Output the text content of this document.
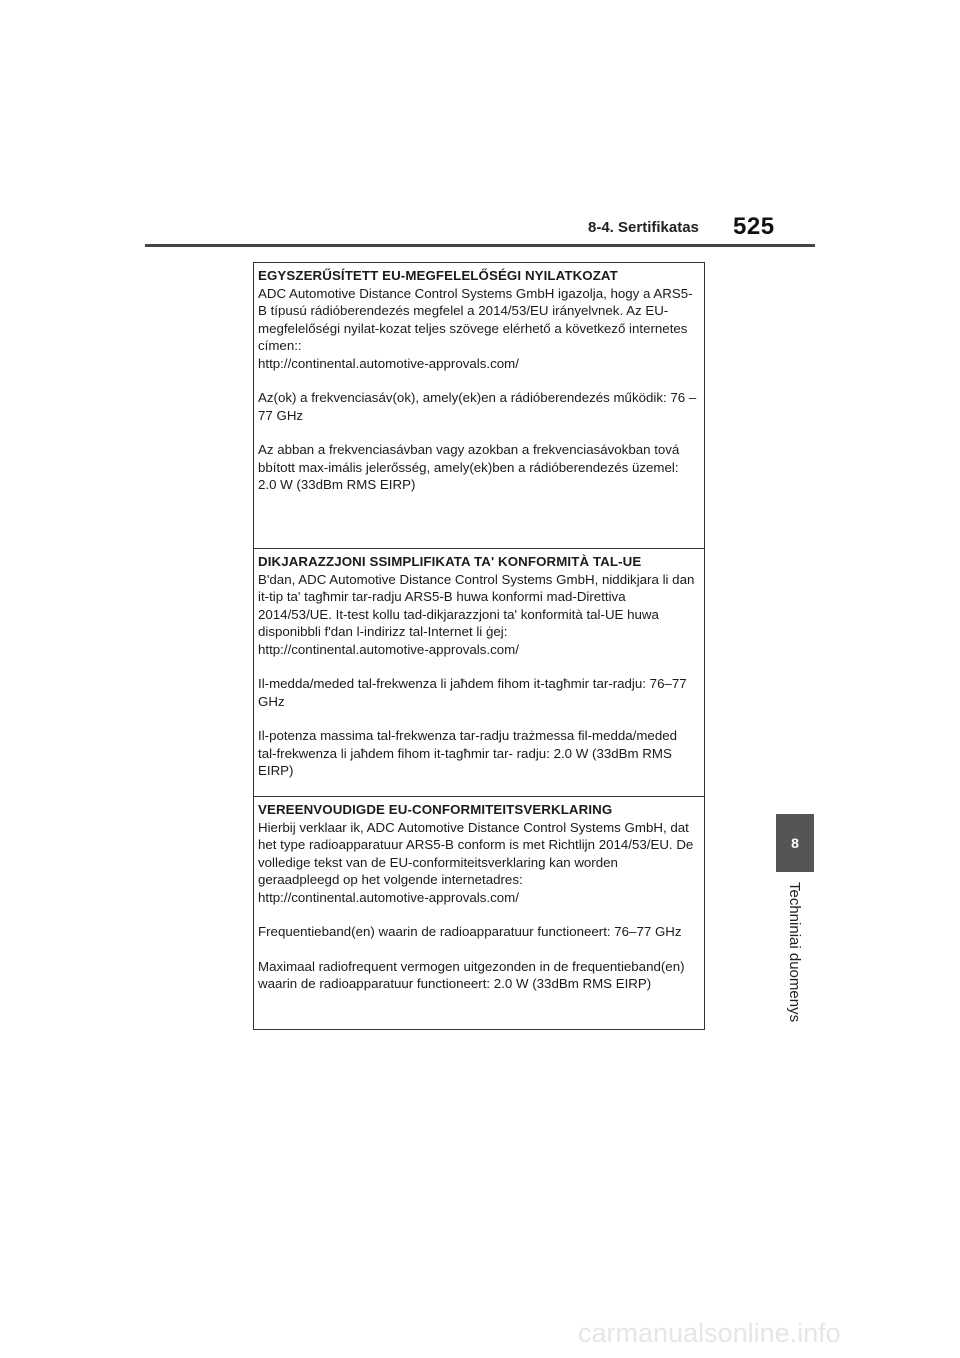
8-4. Sertifikatas 525

EGYSZERŰSÍTETT EU-MEGFELELŐSÉGI NYILATKOZAT

ADC Automotive Distance Control Systems GmbH igazolja, hogy a ARS5-B típusú rádióberendezés megfelel a 2014/53/EU irányelvnek. Az EU-megfelelőségi nyilat-kozat teljes szövege elérhető a következő internetes címen::

http://continental.automotive-approvals.com/

Az(ok) a frekvenciasáv(ok), amely(ek)en a rádióberendezés működik: 76 –77 GHz

Az abban a frekvenciasávban vagy azokban a frekvenciasávokban tová bbított max-imális jelerősség, amely(ek)ben a rádióberendezés üzemel: 2.0 W (33dBm RMS EIRP)

DIKJARAZZJONI SSIMPLIFIKATA TA' KONFORMITÀ TAL-UE

B'dan, ADC Automotive Distance Control Systems GmbH, niddikjara li dan it-tip ta' tagħmir tar-radju ARS5-B huwa konformi mad-Direttiva 2014/53/UE. It-test kollu tad-dikjarazzjoni ta' konformità tal-UE huwa disponibbli f'dan l-indirizz tal-Internet li ġej:

http://continental.automotive-approvals.com/

Il-medda/meded tal-frekwenza li jaħdem fihom it-tagħmir tar-radju: 76–77 GHz

Il-potenza massima tal-frekwenza tar-radju trażmessa fil-medda/meded tal-frekwenza li jaħdem fihom it-tagħmir tar- radju: 2.0 W (33dBm RMS EIRP)

VEREENVOUDIGDE EU-CONFORMITEITSVERKLARING

Hierbij verklaar ik, ADC Automotive Distance Control Systems GmbH, dat het type radioapparatuur ARS5-B conform is met Richtlijn 2014/53/EU. De volledige tekst van de EU-conformiteitsverklaring kan worden geraadpleegd op het volgende internetadres:

http://continental.automotive-approvals.com/

Frequentieband(en) waarin de radioapparatuur functioneert: 76–77 GHz

Maximaal radiofrequent vermogen uitgezonden in de frequentieband(en) waarin de radioapparatuur functioneert: 2.0 W (33dBm RMS EIRP)

8
Techniniai duomenys
carmanualsonline.info
